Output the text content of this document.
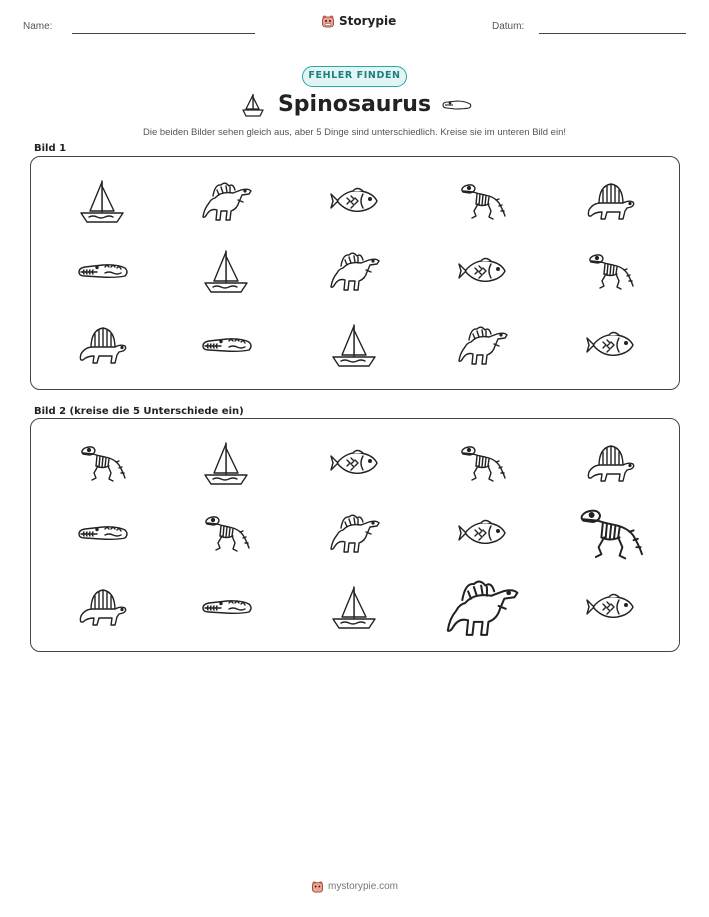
Name:	Storypie	Datum:
FEHLER FINDEN
Spinosaurus
Die beiden Bilder sehen gleich aus, aber 5 Dinge sind unterschiedlich. Kreise sie im unteren Bild ein!
Bild 1
Bild 2 (kreise die 5 Unterschiede ein)
mystorypie.com
